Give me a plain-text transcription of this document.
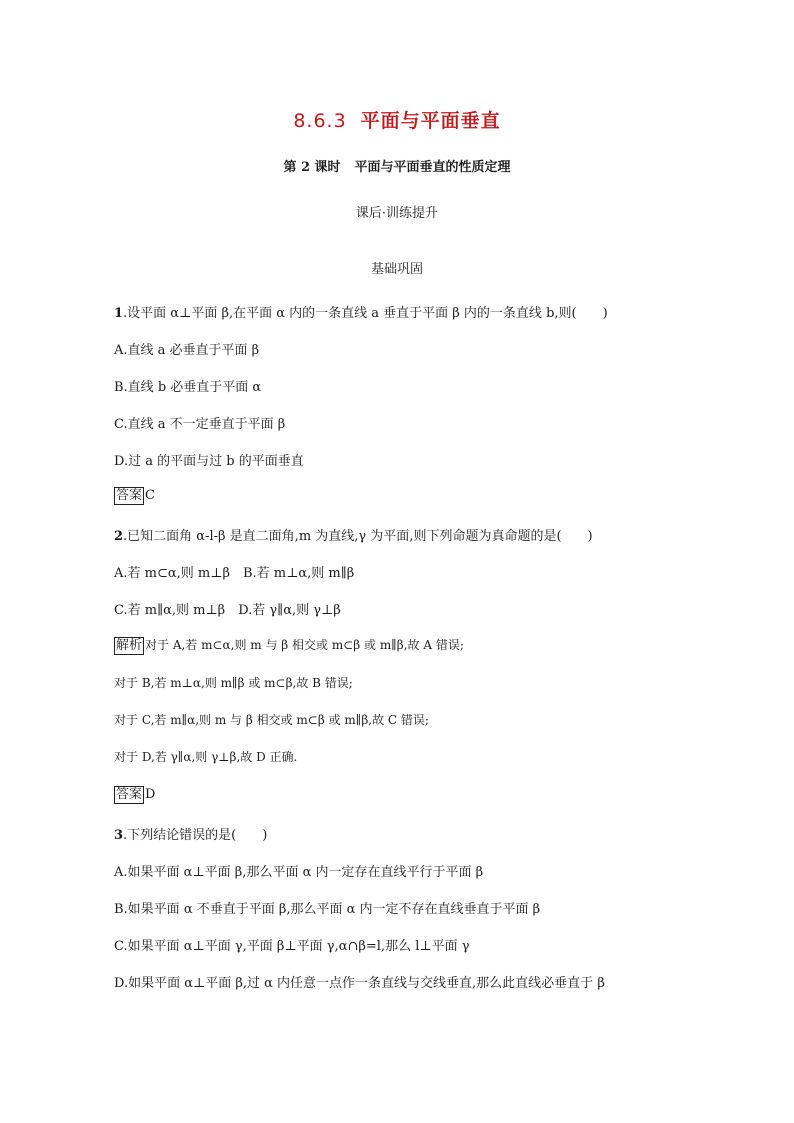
8.6.3 平面与平面垂直
第 2 课时 平面与平面垂直的性质定理
课后·训练提升
基础巩固
1.设平面 α⊥平面 β,在平面 α 内的一条直线 a 垂直于平面 β 内的一条直线 b,则(　　)
A.直线 a 必垂直于平面 β
B.直线 b 必垂直于平面 α
C.直线 a 不一定垂直于平面 β
D.过 a 的平面与过 b 的平面垂直
答案 C
2.已知二面角 α-l-β 是直二面角,m 为直线,γ 为平面,则下列命题为真命题的是(　　)
A.若 m⊂α,则 m⊥β　B.若 m⊥α,则 m∥β
C.若 m∥α,则 m⊥β　D.若 γ∥α,则 γ⊥β
解析 对于 A,若 m⊂α,则 m 与 β 相交或 m⊂β 或 m∥β,故 A 错误;
对于 B,若 m⊥α,则 m∥β 或 m⊂β,故 B 错误;
对于 C,若 m∥α,则 m 与 β 相交或 m⊂β 或 m∥β,故 C 错误;
对于 D,若 γ∥α,则 γ⊥β,故 D 正确.
答案 D
3.下列结论错误的是(　　)
A.如果平面 α⊥平面 β,那么平面 α 内一定存在直线平行于平面 β
B.如果平面 α 不垂直于平面 β,那么平面 α 内一定不存在直线垂直于平面 β
C.如果平面 α⊥平面 γ,平面 β⊥平面 γ,α∩β=l,那么 l⊥平面 γ
D.如果平面 α⊥平面 β,过 α 内任意一点作一条直线与交线垂直,那么此直线必垂直于 β
